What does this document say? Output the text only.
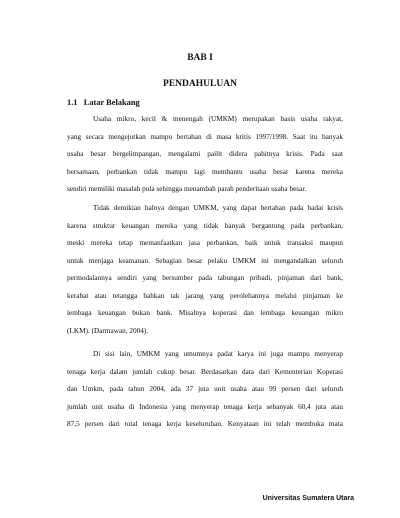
BAB I
PENDAHULUAN
1.1 Latar Belakang
Usaha mikro, kecil & menengah (UMKM) merupakan basis usaha rakyat,
yang secara mengejutkan mampu bertahan di masa kritis 1997/1998. Saat itu banyak
usaha besar bergelimpangan, mengalami pailit didera pahitnya krisis. Pada saat
bersamaan, perbankan tidak mampu lagi membantu usaha besar karena mereka
sendiri memiliki masalah pula sehingga menambah parah penderitaan usaha besar.
Tidak demikian halnya dengan UMKM, yang dapat bertahan pada badai krisis
karena struktur keuangan mereka yang tidak banyak bergantung pada perbankan,
meski mereka tetap memanfaatkan jasa perbankan, baik untuk transaksi maupun
untuk menjaga keamanan. Sebagian besar pelaku UMKM ini mengandalkan seluruh
permodalannya sendiri yang bersumber pada tabungan pribadi, pinjaman dari bank,
kerabat atau tetangga bahkan tak jarang yang perolehannya melalui pinjaman ke
lembaga keuangan bukan bank. Misalnya koperasi dan lembaga keuangan mikro
(LKM). (Darmawan, 2004).
Di sisi lain, UMKM yang umumnya padat karya ini juga mampu menyerap
tenaga kerja dalam jumlah cukup besar. Berdasarkan data dari Kementerian Koperasi
dan Umkm, pada tahun 2004, ada 37 juta unit usaha atau 99 persen dari seluruh
jumlah unit usaha di Indonesia yang menyerap tenaga kerja sebanyak 60,4 juta atau
87,5 persen dari total tenaga kerja keseluruhan. Kenyataan ini telah membuka mata
Universitas Sumatera Utara
